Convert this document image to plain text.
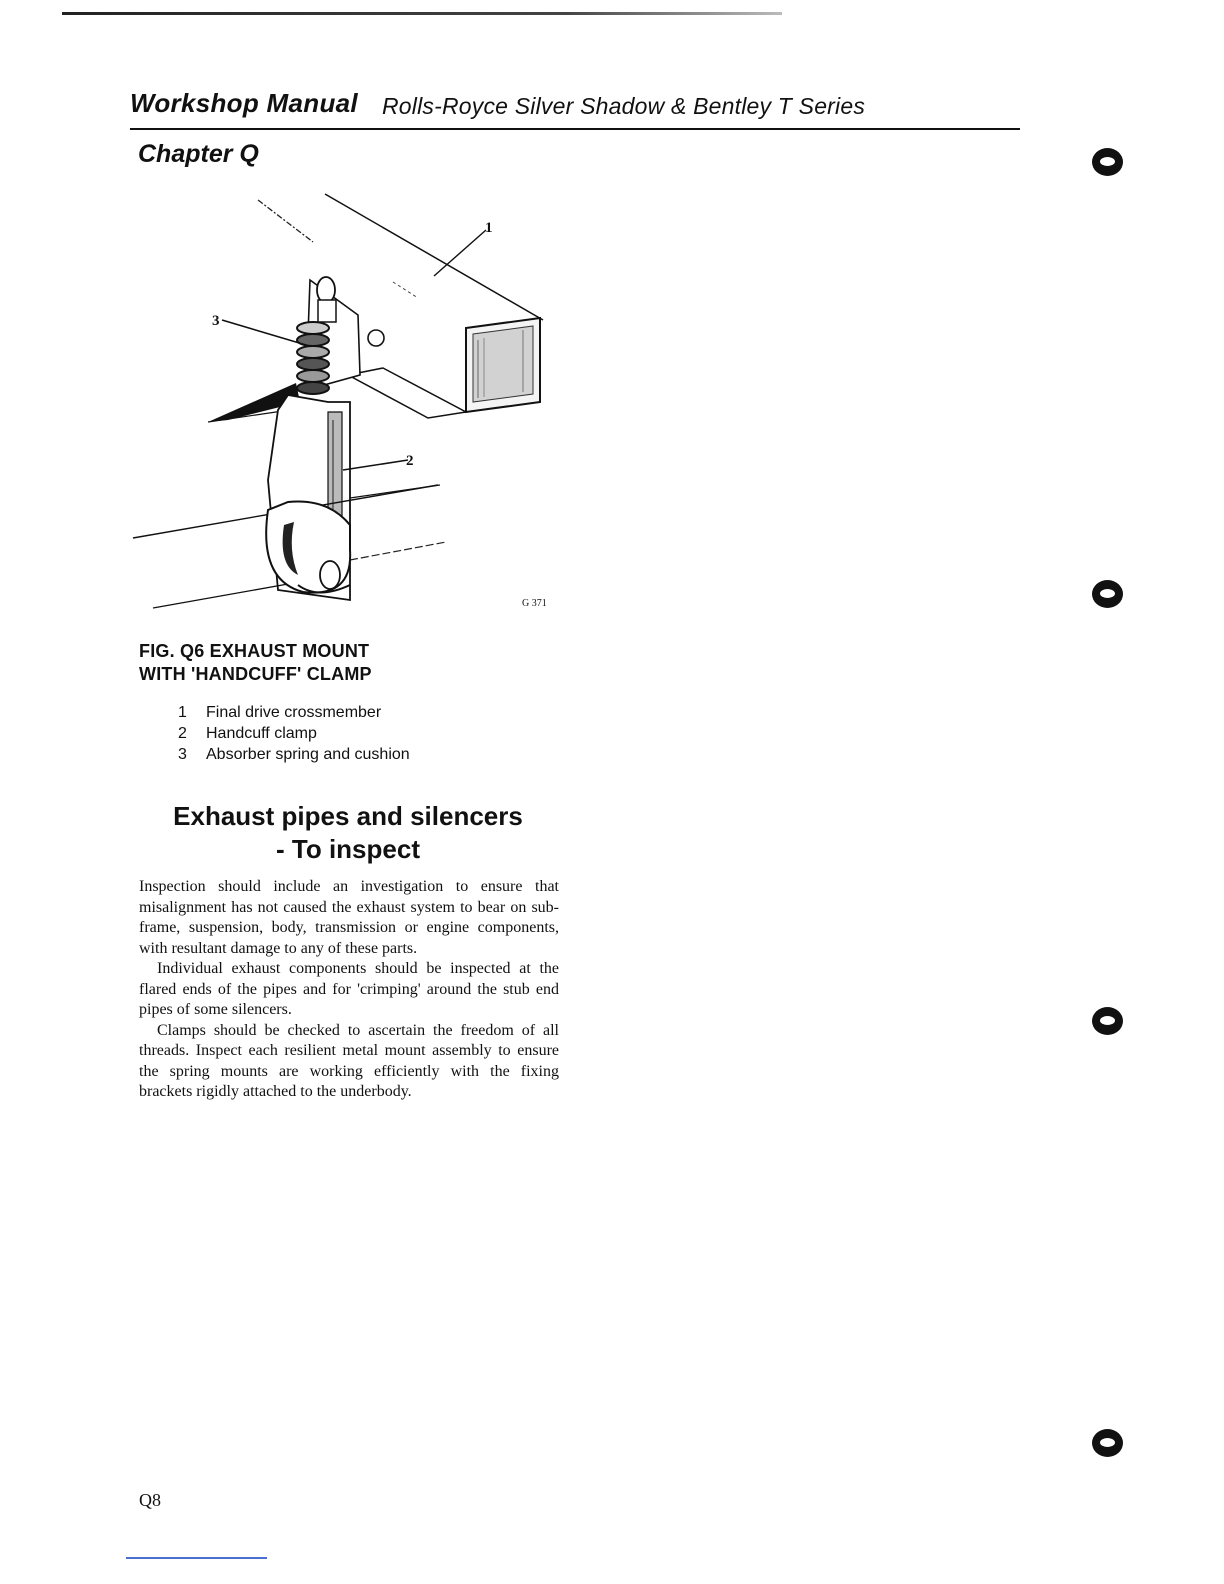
Workshop Manual Rolls-Royce Silver Shadow & Bentley T Series
Chapter Q
1
2
3
G 371
FIG. Q6 EXHAUST MOUNT
WITH 'HANDCUFF' CLAMP
1 Final drive crossmember
2 Handcuff clamp
3 Absorber spring and cushion
Exhaust pipes and silencers
- To inspect

Inspection should include an investigation to ensure that misalignment has not caused the exhaust system to bear on sub-frame, suspension, body, transmission or engine components, with resultant damage to any of these parts.

Individual exhaust components should be inspected at the flared ends of the pipes and for 'crimping' around the stub end pipes of some silencers.

Clamps should be checked to ascertain the freedom of all threads. Inspect each resilient metal mount assembly to ensure the spring mounts are working efficiently with the fixing brackets rigidly attached to the underbody.

Q8
